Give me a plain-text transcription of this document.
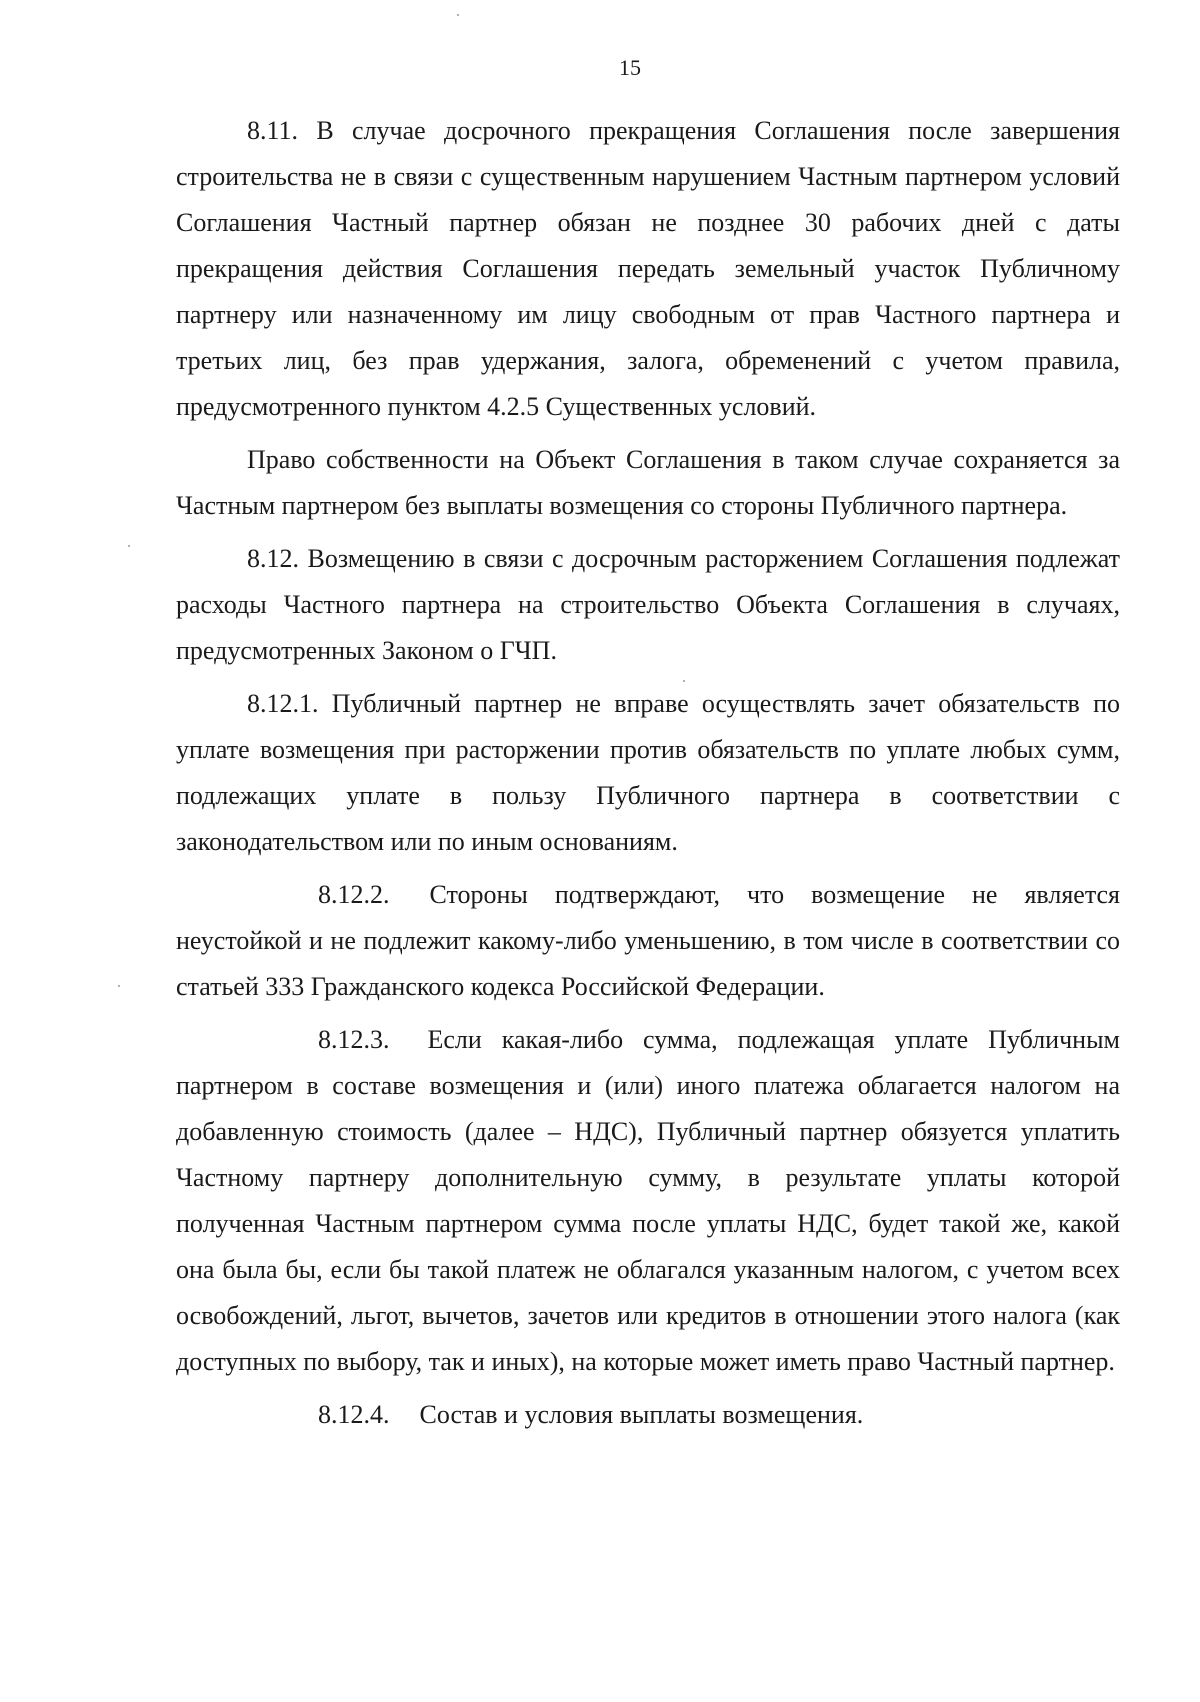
15

8.11. В случае досрочного прекращения Соглашения после завершения строительства не в связи с существенным нарушением Частным партнером условий Соглашения Частный партнер обязан не позднее 30 рабочих дней с даты прекращения действия Соглашения передать земельный участок Публичному партнеру или назначенному им лицу свободным от прав Частного партнера и третьих лиц, без прав удержания, залога, обременений с учетом правила, предусмотренного пунктом 4.2.5 Существенных условий.

Право собственности на Объект Соглашения в таком случае сохраняется за Частным партнером без выплаты возмещения со стороны Публичного партнера.

8.12. Возмещению в связи с досрочным расторжением Соглашения подлежат расходы Частного партнера на строительство Объекта Соглашения в случаях, предусмотренных Законом о ГЧП.

8.12.1. Публичный партнер не вправе осуществлять зачет обязательств по уплате возмещения при расторжении против обязательств по уплате любых сумм, подлежащих уплате в пользу Публичного партнера в соответствии с законодательством или по иным основаниям.

8.12.2. Стороны подтверждают, что возмещение не является неустойкой и не подлежит какому-либо уменьшению, в том числе в соответствии со статьей 333 Гражданского кодекса Российской Федерации.

8.12.3. Если какая-либо сумма, подлежащая уплате Публичным партнером в составе возмещения и (или) иного платежа облагается налогом на добавленную стоимость (далее – НДС), Публичный партнер обязуется уплатить Частному партнеру дополнительную сумму, в результате уплаты которой полученная Частным партнером сумма после уплаты НДС, будет такой же, какой она была бы, если бы такой платеж не облагался указанным налогом, с учетом всех освобождений, льгот, вычетов, зачетов или кредитов в отношении этого налога (как доступных по выбору, так и иных), на которые может иметь право Частный партнер.

8.12.4. Состав и условия выплаты возмещения.
